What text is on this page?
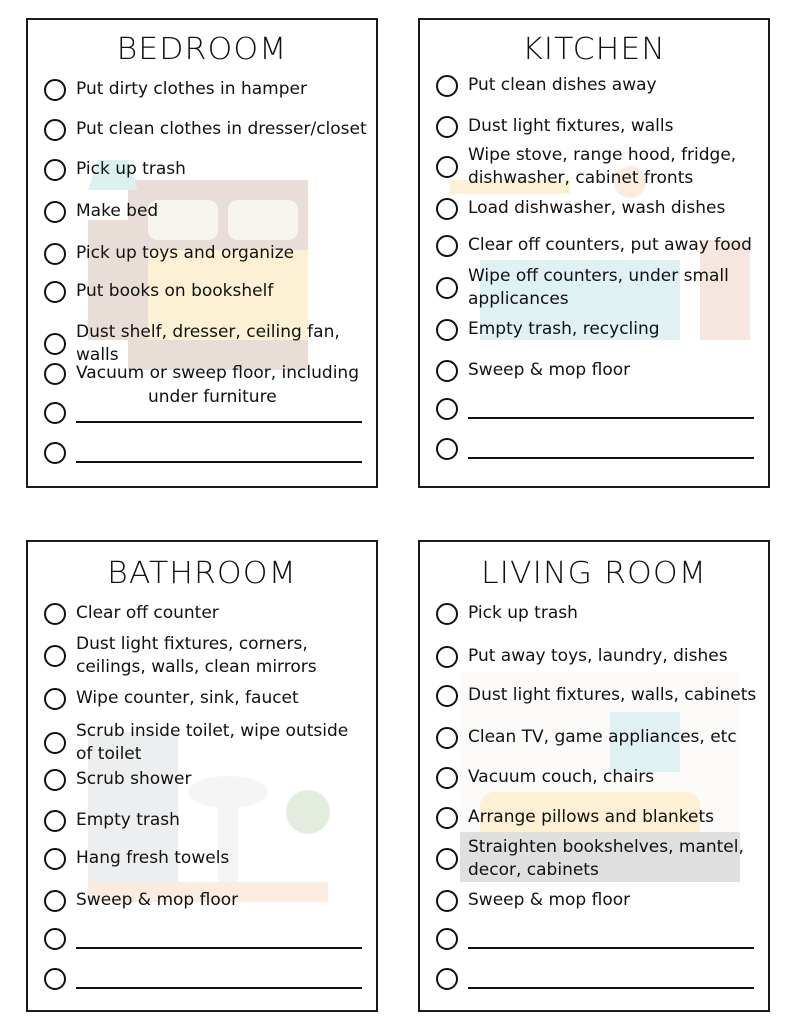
BEDROOM
Put dirty clothes in hamper
Put clean clothes in dresser/closet
Pick up trash
Make bed
Pick up toys and organize
Put books on bookshelf
Dust shelf, dresser, ceiling fan, walls
Vacuum or sweep floor, including
under furniture
KITCHEN
Put clean dishes away
Dust light fixtures, walls
Wipe stove, range hood, fridge,
dishwasher, cabinet fronts
Load dishwasher, wash dishes
Clear off counters, put away food
Wipe off counters, under small
applicances
Empty trash, recycling
Sweep & mop floor
BATHROOM
Clear off counter
Dust light fixtures, corners,
ceilings, walls, clean mirrors
Wipe counter, sink, faucet
Scrub inside toilet, wipe outside
of toilet
Scrub shower
Empty trash
Hang fresh towels
Sweep & mop floor
LIVING ROOM
Pick up trash
Put away toys, laundry, dishes
Dust light fixtures, walls, cabinets
Clean TV, game appliances, etc
Vacuum couch, chairs
Arrange pillows and blankets
Straighten bookshelves, mantel,
decor, cabinets
Sweep & mop floor
